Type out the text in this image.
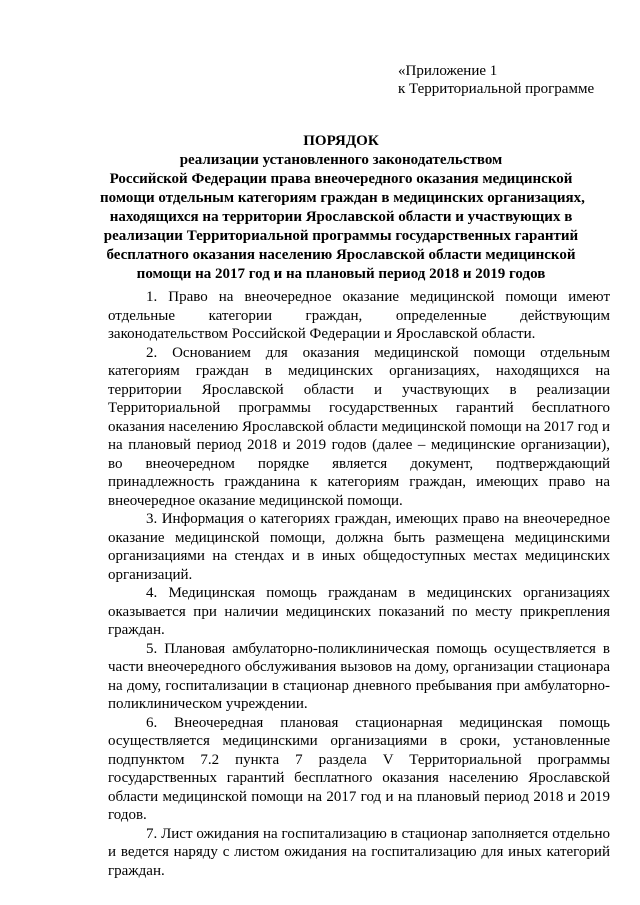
«Приложение 1
к Территориальной программе
ПОРЯДОК
реализации установленного законодательством
Российской Федерации права внеочередного оказания медицинской
помощи отдельным категориям граждан в медицинских организациях,
находящихся на территории Ярославской области и участвующих в
реализации Территориальной программы государственных гарантий
бесплатного оказания населению Ярославской области медицинской
помощи на 2017 год и на плановый период 2018 и 2019 годов

1. Право на внеочередное оказание медицинской помощи имеют отдельные категории граждан, определенные действующим законодательством Российской Федерации и Ярославской области.

2. Основанием для оказания медицинской помощи отдельным категориям граждан в медицинских организациях, находящихся на территории Ярославской области и участвующих в реализации Территориальной программы государственных гарантий бесплатного оказания населению Ярославской области медицинской помощи на 2017 год и на плановый период 2018 и 2019 годов (далее – медицинские организации), во внеочередном порядке является документ, подтверждающий принадлежность гражданина к категориям граждан, имеющих право на внеочередное оказание медицинской помощи.

3. Информация о категориях граждан, имеющих право на внеочередное оказание медицинской помощи, должна быть размещена медицинскими организациями на стендах и в иных общедоступных местах медицинских организаций.

4. Медицинская помощь гражданам в медицинских организациях оказывается при наличии медицинских показаний по месту прикрепления граждан.

5. Плановая амбулаторно-поликлиническая помощь осуществляется в части внеочередного обслуживания вызовов на дому, организации стационара на дому, госпитализации в стационар дневного пребывания при амбулаторно-поликлиническом учреждении.

6. Внеочередная плановая стационарная медицинская помощь осуществляется медицинскими организациями в сроки, установленные подпунктом 7.2 пункта 7 раздела V Территориальной программы государственных гарантий бесплатного оказания населению Ярославской области медицинской помощи на 2017 год и на плановый период 2018 и 2019 годов.

7. Лист ожидания на госпитализацию в стационар заполняется отдельно и ведется наряду с листом ожидания на госпитализацию для иных категорий граждан.
